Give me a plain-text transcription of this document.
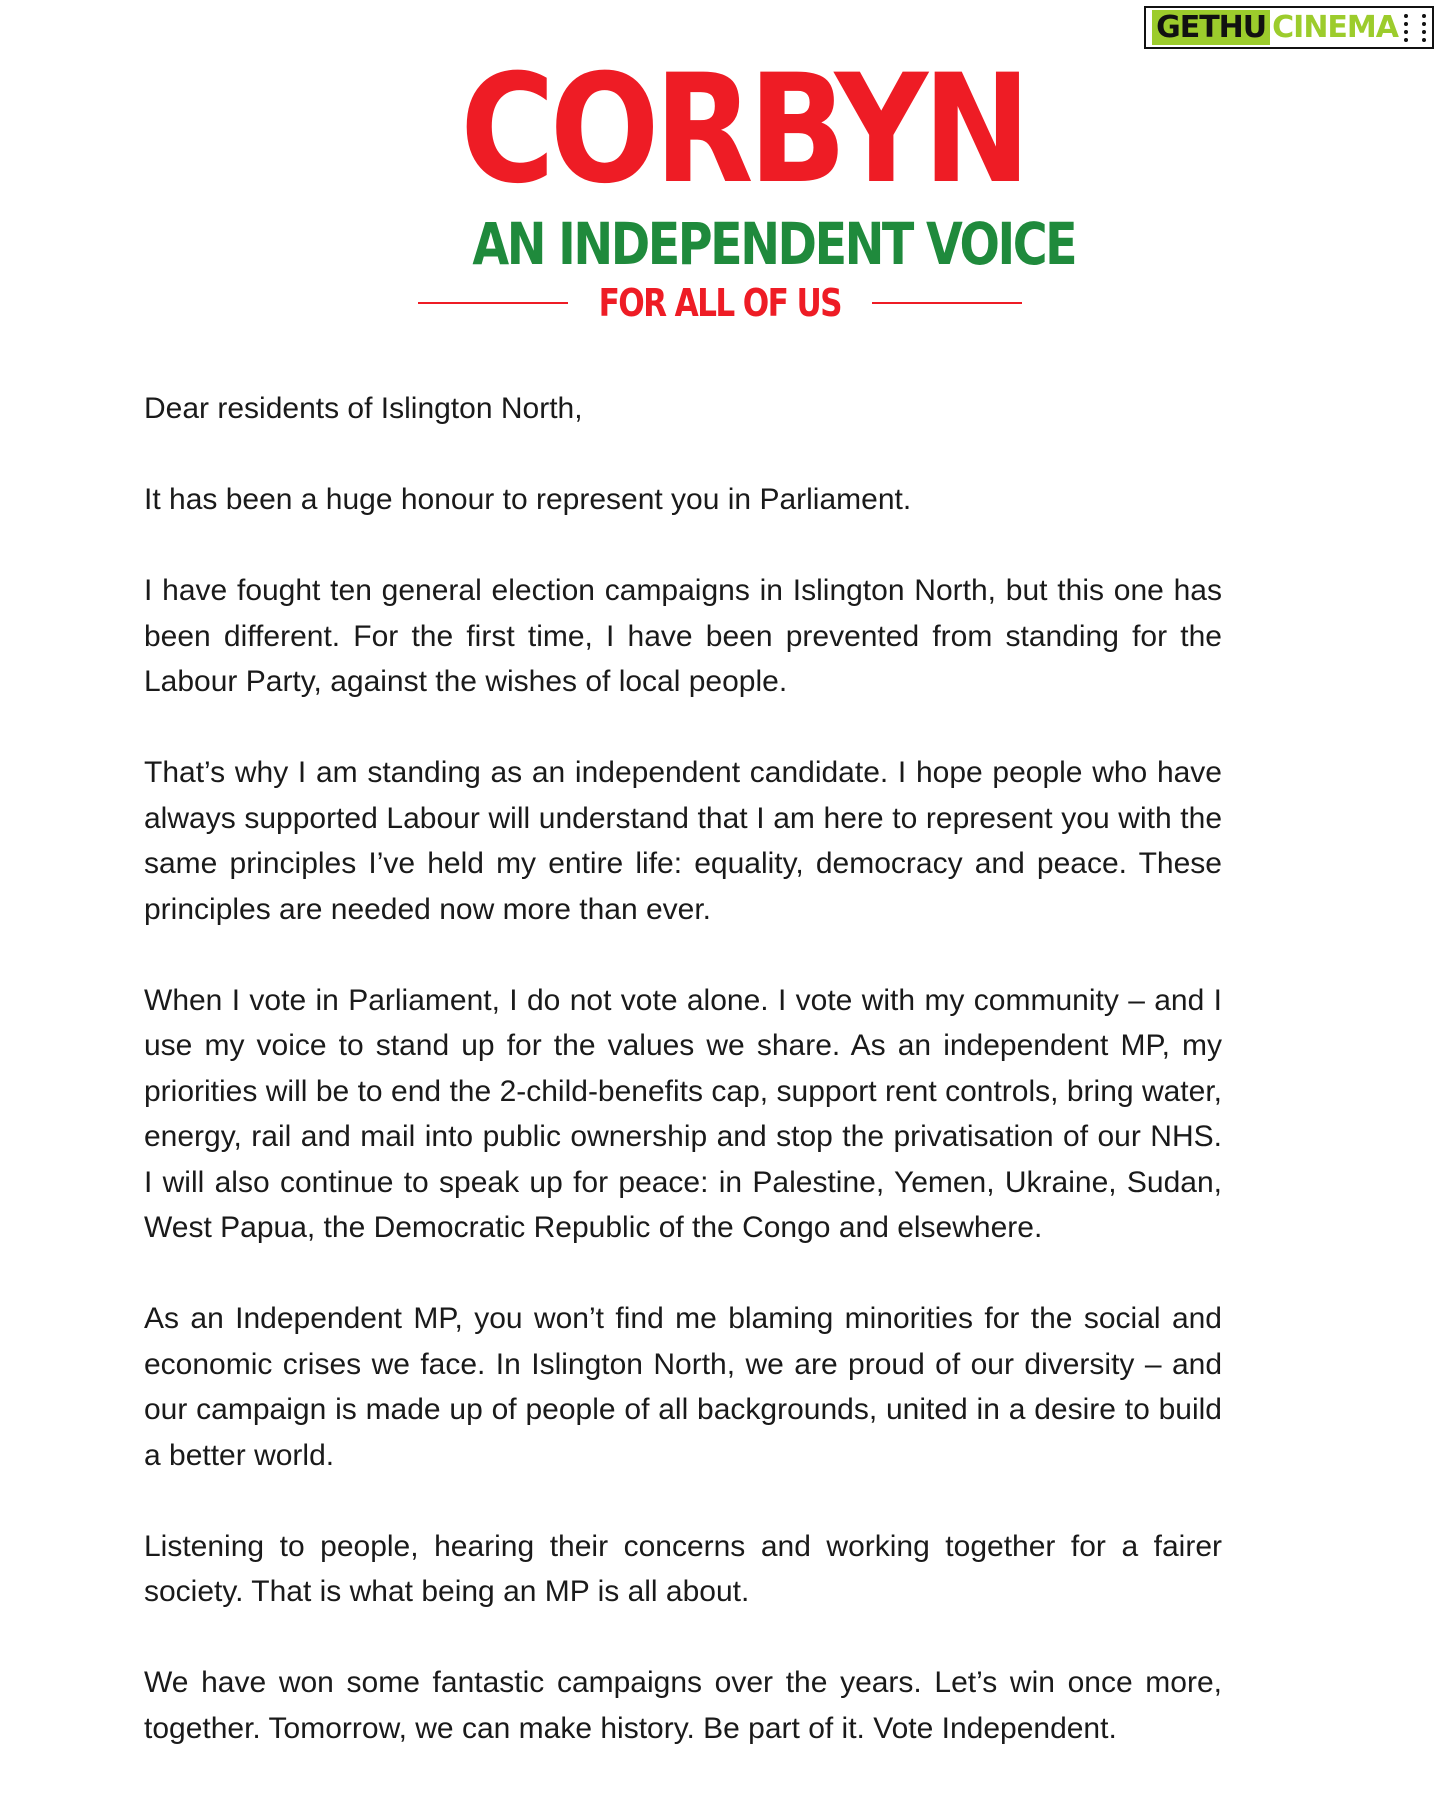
GETHU CINEMA
CORBYN
AN INDEPENDENT VOICE
FOR ALL OF US

Dear residents of Islington North,

It has been a huge honour to represent you in Parliament.

I have fought ten general election campaigns in Islington North, but this one has been different. For the first time, I have been prevented from standing for the Labour Party, against the wishes of local people.

That’s why I am standing as an independent candidate. I hope people who have always supported Labour will understand that I am here to represent you with the same principles I’ve held my entire life: equality, democracy and peace. These principles are needed now more than ever.

When I vote in Parliament, I do not vote alone. I vote with my community – and I use my voice to stand up for the values we share. As an independent MP, my priorities will be to end the 2-child-benefits cap, support rent controls, bring water, energy, rail and mail into public ownership and stop the privatisation of our NHS. I will also continue to speak up for peace: in Palestine, Yemen, Ukraine, Sudan, West Papua, the Democratic Republic of the Congo and elsewhere.

As an Independent MP, you won’t find me blaming minorities for the social and economic crises we face. In Islington North, we are proud of our diversity – and our campaign is made up of people of all backgrounds, united in a desire to build a better world.

Listening to people, hearing their concerns and working together for a fairer society. That is what being an MP is all about.

We have won some fantastic campaigns over the years. Let’s win once more, together. Tomorrow, we can make history. Be part of it. Vote Independent.
